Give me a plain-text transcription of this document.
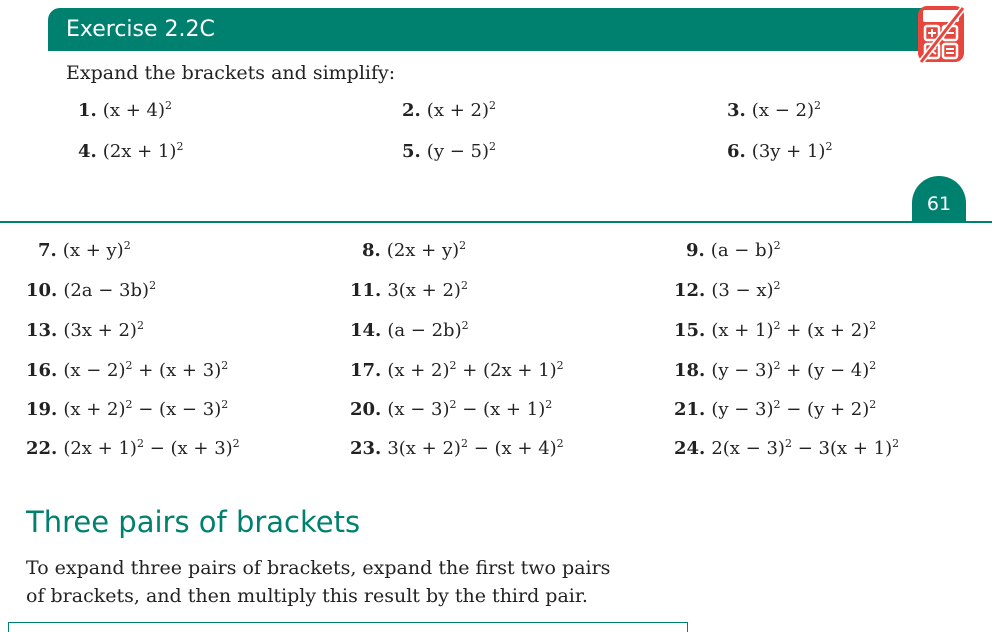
Exercise 2.2C
Expand the brackets and simplify:
1. $(x + 4)^2$	2. $(x + 2)^2$	3. $(x - 2)^2$
4. $(2x + 1)^2$	5. $(y - 5)^2$	6. $(3y + 1)^2$
61
7. $(x + y)^2$	8. $(2x + y)^2$	9. $(a - b)^2$
10. $(2a - 3b)^2$	11. $3(x + 2)^2$	12. $(3 - x)^2$
13. $(3x + 2)^2$	14. $(a - 2b)^2$	15. $(x + 1)^2 + (x + 2)^2$
16. $(x - 2)^2 + (x + 3)^2$	17. $(x + 2)^2 + (2x + 1)^2$	18. $(y - 3)^2 + (y - 4)^2$
19. $(x + 2)^2 - (x - 3)^2$	20. $(x - 3)^2 - (x + 1)^2$	21. $(y - 3)^2 - (y + 2)^2$
22. $(2x + 1)^2 - (x + 3)^2$	23. $3(x + 2)^2 - (x + 4)^2$	24. $2(x - 3)^2 - 3(x + 1)^2$
Three pairs of brackets
To expand three pairs of brackets, expand the first two pairs
of brackets, and then multiply this result by the third pair.
